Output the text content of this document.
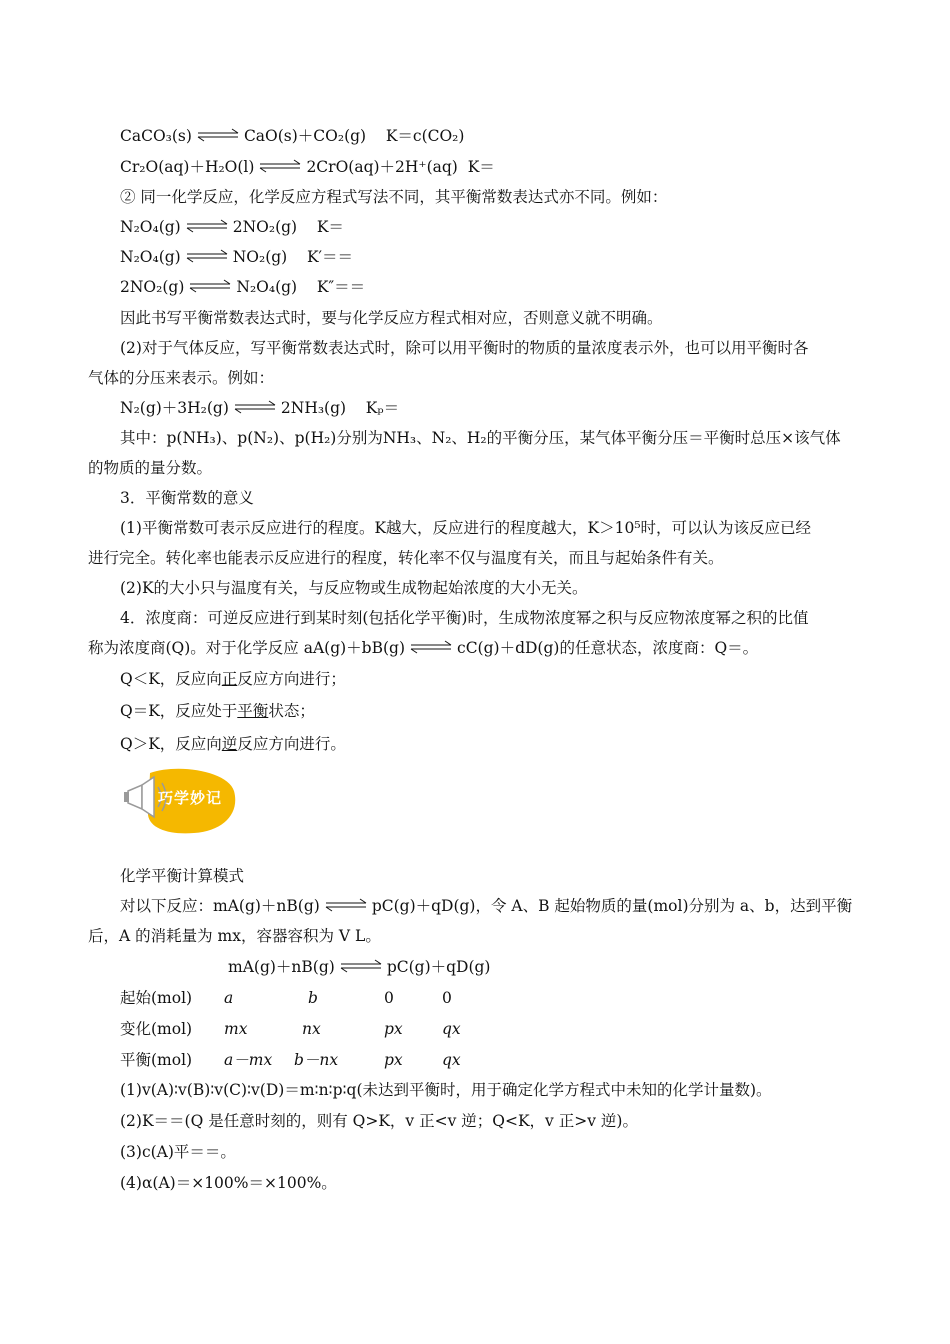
CaCO₃(s)	CaO(s)＋CO₂(g) K＝c(CO₂)
Cr₂O(aq)＋H₂O(l)	2CrO(aq)＋2H⁺(aq) K＝
② 同一化学反应，化学反应方程式写法不同，其平衡常数表达式亦不同。例如：
N₂O₄(g)	2NO₂(g) K＝
N₂O₄(g)	NO₂(g) K′＝＝
2NO₂(g)	N₂O₄(g) K″＝＝
因此书写平衡常数表达式时，要与化学反应方程式相对应，否则意义就不明确。
(2)对于气体反应，写平衡常数表达式时，除可以用平衡时的物质的量浓度表示外，也可以用平衡时各
气体的分压来表示。例如：
N₂(g)＋3H₂(g)	2NH₃(g) Kₚ＝
其中：p(NH₃)、p(N₂)、p(H₂)分别为NH₃、N₂、H₂的平衡分压，某气体平衡分压＝平衡时总压×该气体
的物质的量分数。
3．平衡常数的意义
(1)平衡常数可表示反应进行的程度。K越大，反应进行的程度越大，K＞10⁵时，可以认为该反应已经
进行完全。转化率也能表示反应进行的程度，转化率不仅与温度有关，而且与起始条件有关。
(2)K的大小只与温度有关，与反应物或生成物起始浓度的大小无关。
4．浓度商：可逆反应进行到某时刻(包括化学平衡)时，生成物浓度幂之积与反应物浓度幂之积的比值
称为浓度商(Q)。对于化学反应 aA(g)＋bB(g)	cC(g)＋dD(g)的任意状态，浓度商：Q＝。
Q＜K，反应向正反应方向进行；
Q＝K，反应处于平衡状态；
Q＞K，反应向逆反应方向进行。
巧学妙记
化学平衡计算模式
对以下反应：mA(g)＋nB(g)	pC(g)＋qD(g)，令 A、B 起始物质的量(mol)分别为 a、b，达到平衡
后，A 的消耗量为 mx，容器容积为 V L。
mA(g)＋nB(g)	pC(g)＋qD(g)
起始(mol) a	b	0	0
变化(mol) mx	nx	px	qx
平衡(mol) a－mx b－nx	px	qx
(1)v(A)∶v(B)∶v(C)∶v(D)＝m∶n∶p∶q(未达到平衡时，用于确定化学方程式中未知的化学计量数)。
(2)K＝＝(Q 是任意时刻的，则有 Q>K，v 正<v 逆；Q<K，v 正>v 逆)。
(3)c(A)平＝＝。
(4)α(A)＝×100%＝×100%。
